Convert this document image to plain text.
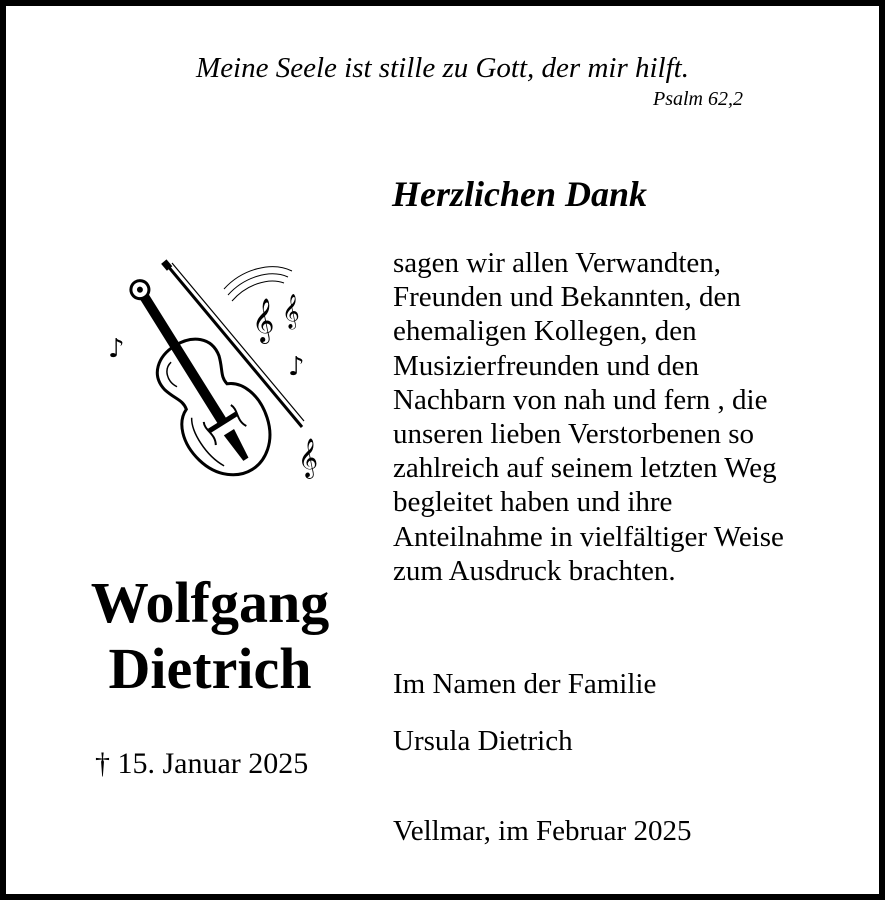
Meine Seele ist stille zu Gott, der mir hilft.
Psalm 62,2
𝄞 𝄞
♪
♪
𝄞
Wolfgang
Dietrich
† 15. Januar 2025
Herzlichen Dank
sagen wir allen Verwandten,
Freunden und Bekannten, den
ehemaligen Kollegen, den
Musizierfreunden und den
Nachbarn von nah und fern , die
unseren lieben Verstorbenen so
zahlreich auf seinem letzten Weg
begleitet haben und ihre
Anteilnahme in vielfältiger Weise
zum Ausdruck brachten.
Im Namen der Familie
Ursula Dietrich
Vellmar, im Februar 2025
